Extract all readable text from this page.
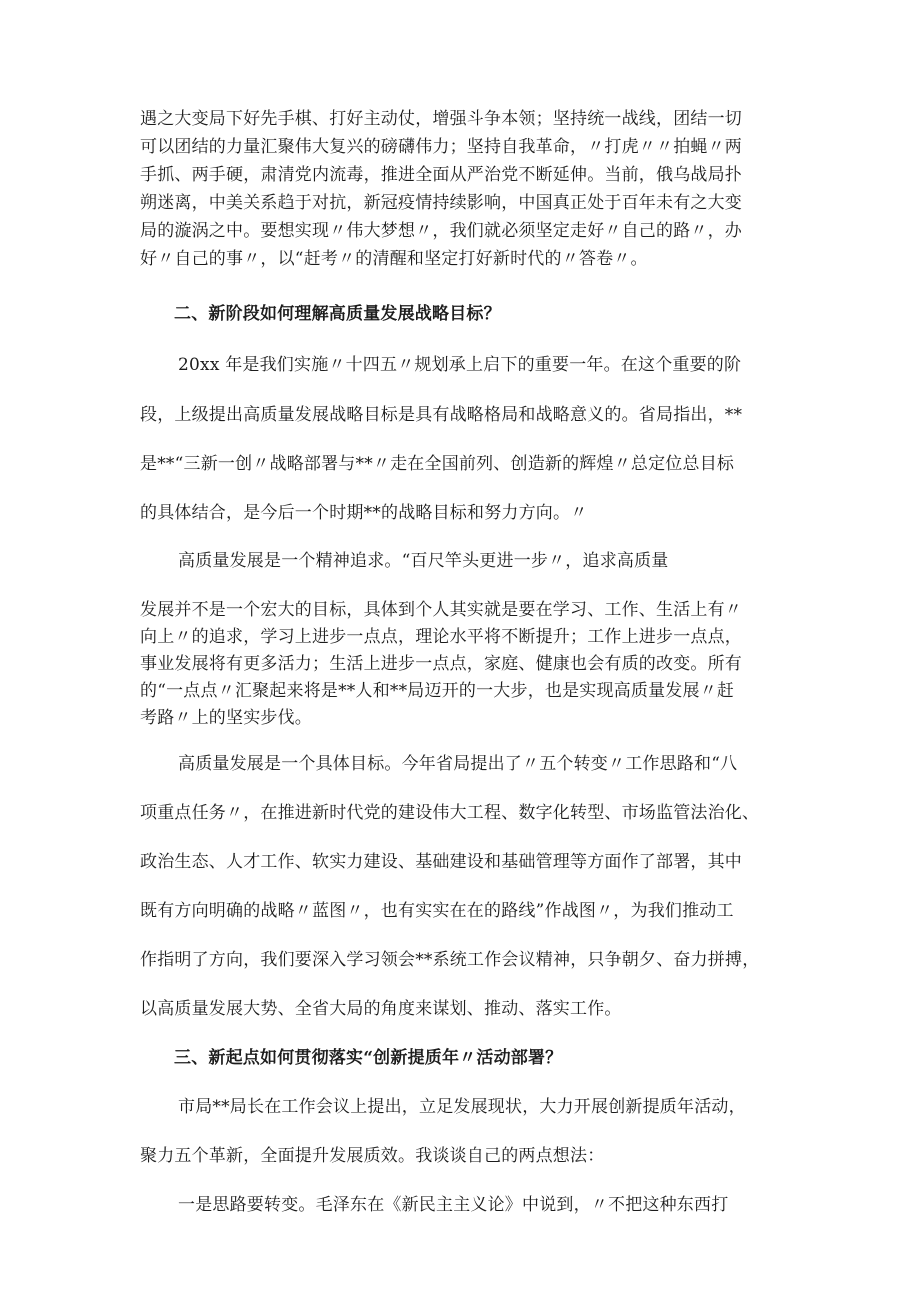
遇之大变局下好先手棋、打好主动仗，增强斗争本领；坚持统一战线，团结一切

可以团结的力量汇聚伟大复兴的磅礴伟力；坚持自我革命，〃打虎〃〃拍蝇〃两

手抓、两手硬，肃清党内流毒，推进全面从严治党不断延伸。当前，俄乌战局扑

朔迷离，中美关系趋于对抗，新冠疫情持续影响，中国真正处于百年未有之大变

局的漩涡之中。要想实现〃伟大梦想〃，我们就必须坚定走好〃自己的路〃，办

好〃自己的事〃，以“赶考〃的清醒和坚定打好新时代的〃答卷〃。

二、新阶段如何理解高质量发展战略目标？

20xx 年是我们实施〃十四五〃规划承上启下的重要一年。在这个重要的阶

段，上级提出高质量发展战略目标是具有战略格局和战略意义的。省局指出，**

是**“三新一创〃战略部署与**〃走在全国前列、创造新的辉煌〃总定位总目标

的具体结合，是今后一个时期**的战略目标和努力方向。〃

高质量发展是一个精神追求。“百尺竿头更进一步〃，追求高质量

发展并不是一个宏大的目标，具体到个人其实就是要在学习、工作、生活上有〃

向上〃的追求，学习上进步一点点，理论水平将不断提升；工作上进步一点点，

事业发展将有更多活力；生活上进步一点点，家庭、健康也会有质的改变。所有

的“一点点〃汇聚起来将是**人和**局迈开的一大步，也是实现高质量发展〃赶

考路〃上的坚实步伐。

高质量发展是一个具体目标。今年省局提出了〃五个转变〃工作思路和“八

项重点任务〃，在推进新时代党的建设伟大工程、数字化转型、市场监管法治化、

政治生态、人才工作、软实力建设、基础建设和基础管理等方面作了部署，其中

既有方向明确的战略〃蓝图〃，也有实实在在的路线”作战图〃，为我们推动工

作指明了方向，我们要深入学习领会**系统工作会议精神，只争朝夕、奋力拼搏，

以高质量发展大势、全省大局的角度来谋划、推动、落实工作。

三、新起点如何贯彻落实“创新提质年〃活动部署？

市局**局长在工作会议上提出，立足发展现状，大力开展创新提质年活动，

聚力五个革新，全面提升发展质效。我谈谈自己的两点想法：

一是思路要转变。毛泽东在《新民主主义论》中说到，〃不把这种东西打
